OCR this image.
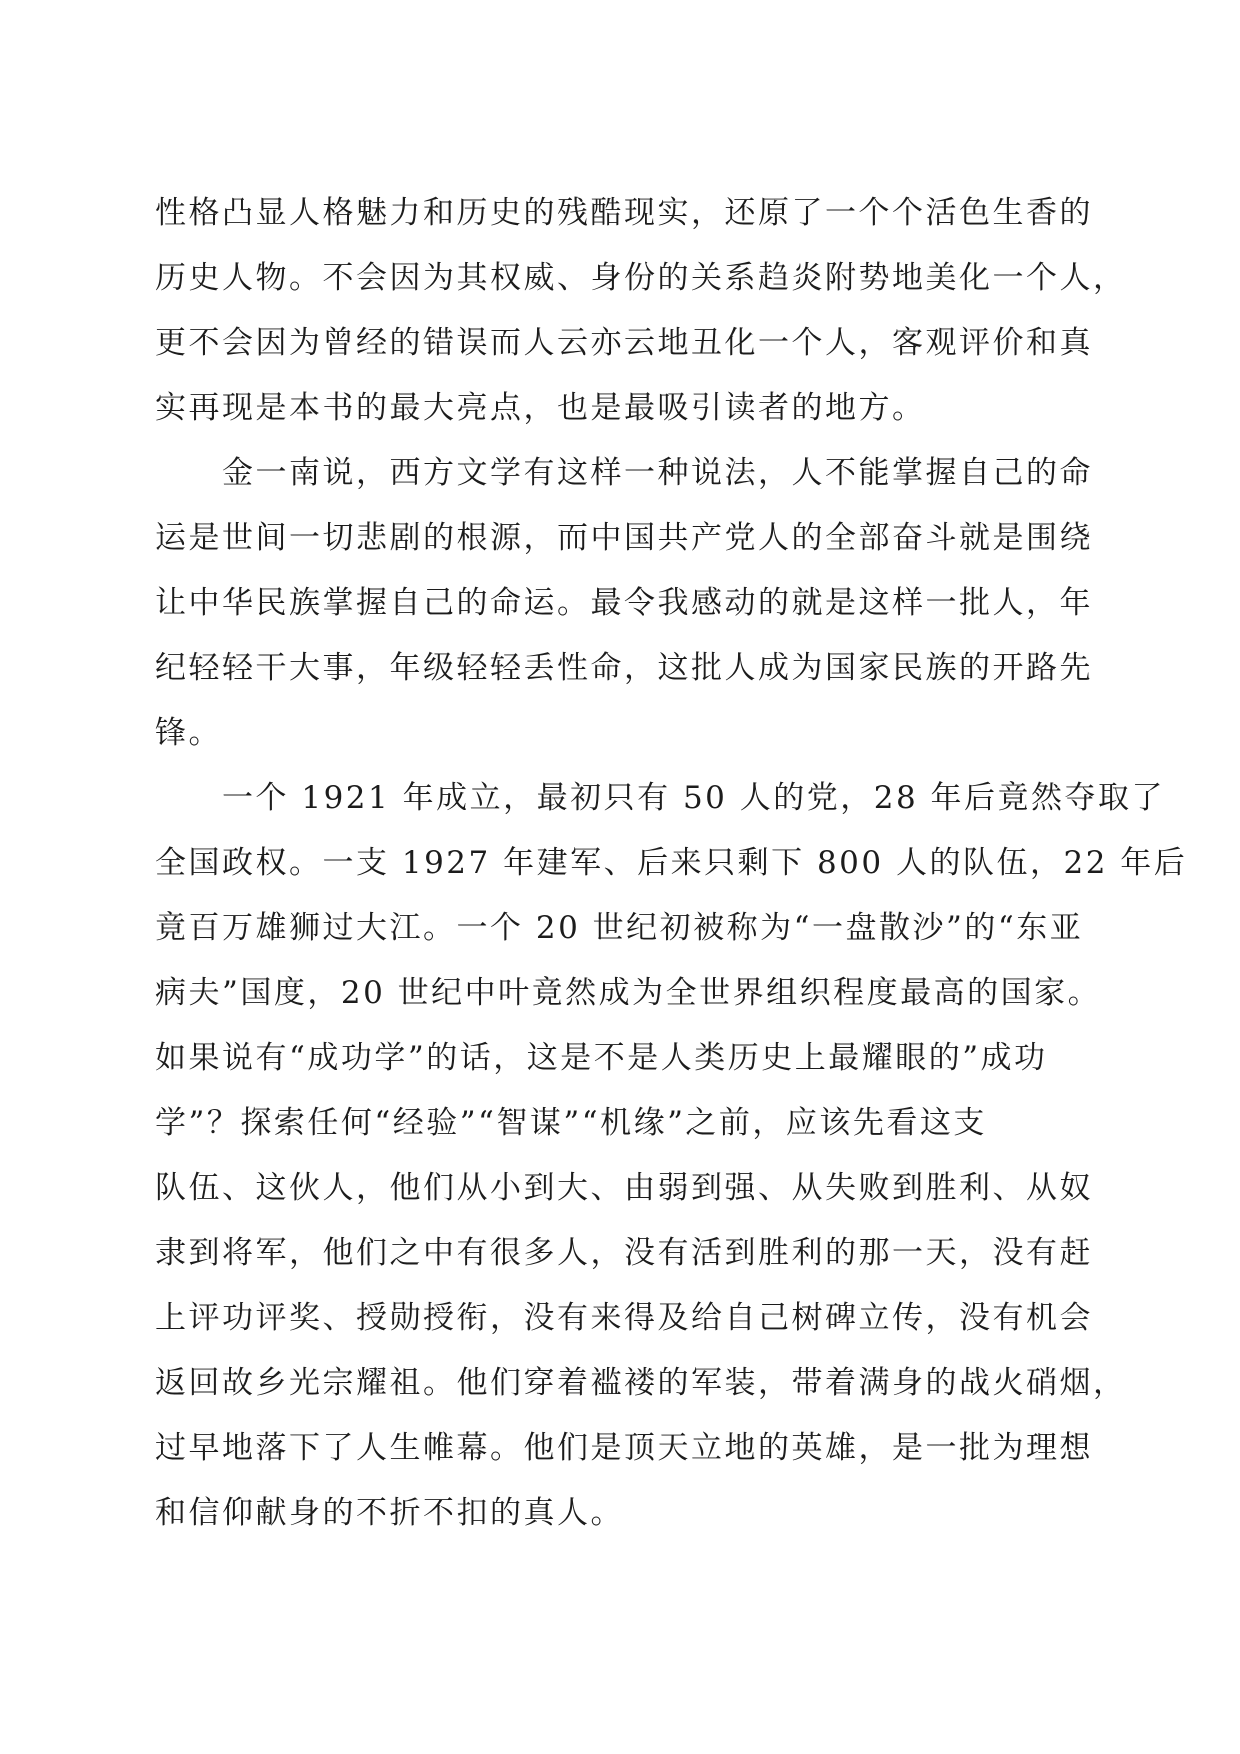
性格凸显人格魅力和历史的残酷现实，还原了一个个活色生香的
历史人物。不会因为其权威、身份的关系趋炎附势地美化一个人，
更不会因为曾经的错误而人云亦云地丑化一个人，客观评价和真
实再现是本书的最大亮点，也是最吸引读者的地方。
　　金一南说，西方文学有这样一种说法，人不能掌握自己的命
运是世间一切悲剧的根源，而中国共产党人的全部奋斗就是围绕
让中华民族掌握自己的命运。最令我感动的就是这样一批人，年
纪轻轻干大事，年级轻轻丢性命，这批人成为国家民族的开路先
锋。
　　一个 1921 年成立，最初只有 50 人的党，28 年后竟然夺取了
全国政权。一支 1927 年建军、后来只剩下 800 人的队伍，22 年后
竟百万雄狮过大江。一个 20 世纪初被称为“一盘散沙”的“东亚
病夫”国度，20 世纪中叶竟然成为全世界组织程度最高的国家。
如果说有“成功学”的话，这是不是人类历史上最耀眼的”成功
学”？探索任何“经验”“智谋”“机缘”之前，应该先看这支
队伍、这伙人，他们从小到大、由弱到强、从失败到胜利、从奴
隶到将军，他们之中有很多人，没有活到胜利的那一天，没有赶
上评功评奖、授勋授衔，没有来得及给自己树碑立传，没有机会
返回故乡光宗耀祖。他们穿着褴褛的军装，带着满身的战火硝烟，
过早地落下了人生帷幕。他们是顶天立地的英雄，是一批为理想
和信仰献身的不折不扣的真人。
